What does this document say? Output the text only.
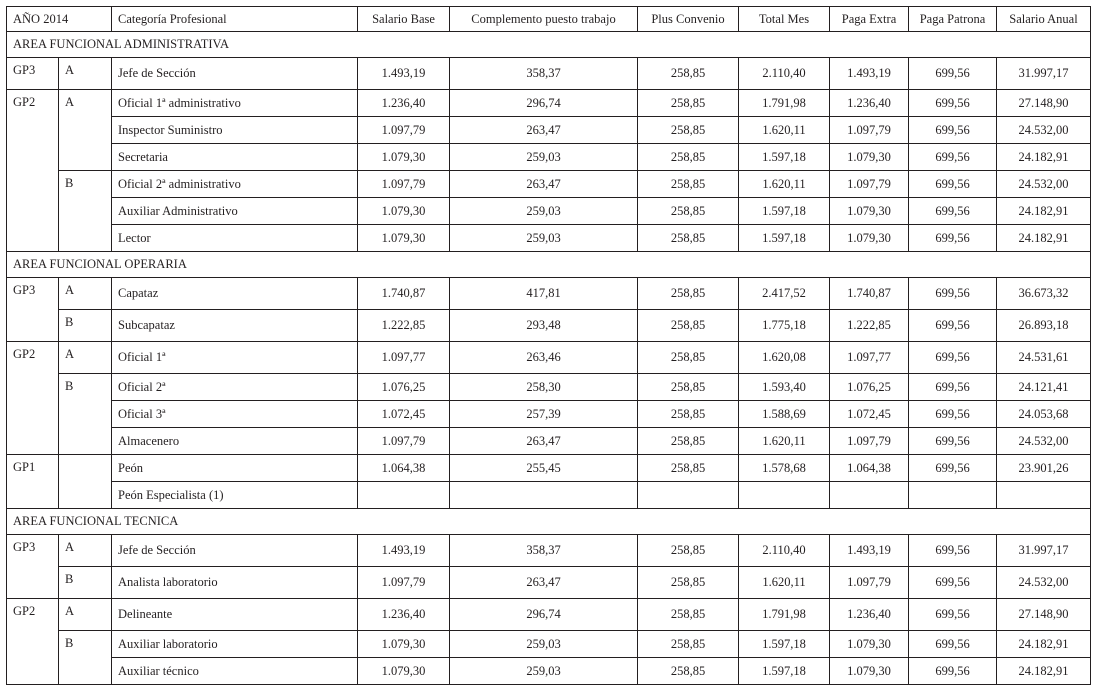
AÑO 2014		Categoría Profesional	Salario Base	Complemento puesto trabajo	Plus Convenio	Total Mes	Paga Extra	Paga Patrona	Salario Anual
AREA FUNCIONAL ADMINISTRATIVA									
GP3	A	Jefe de Sección	1.493,19	358,37	258,85	2.110,40	1.493,19	699,56	31.997,17
GP2	A	Oficial 1ª administrativo	1.236,40	296,74	258,85	1.791,98	1.236,40	699,56	27.148,90
		Inspector Suministro	1.097,79	263,47	258,85	1.620,11	1.097,79	699,56	24.532,00
		Secretaria	1.079,30	259,03	258,85	1.597,18	1.079,30	699,56	24.182,91
	B	Oficial 2ª administrativo	1.097,79	263,47	258,85	1.620,11	1.097,79	699,56	24.532,00
		Auxiliar Administrativo	1.079,30	259,03	258,85	1.597,18	1.079,30	699,56	24.182,91
		Lector	1.079,30	259,03	258,85	1.597,18	1.079,30	699,56	24.182,91
AREA FUNCIONAL OPERARIA									
GP3	A	Capataz	1.740,87	417,81	258,85	2.417,52	1.740,87	699,56	36.673,32
	B	Subcapataz	1.222,85	293,48	258,85	1.775,18	1.222,85	699,56	26.893,18
GP2	A	Oficial 1ª	1.097,77	263,46	258,85	1.620,08	1.097,77	699,56	24.531,61
	B	Oficial 2ª	1.076,25	258,30	258,85	1.593,40	1.076,25	699,56	24.121,41
		Oficial 3ª	1.072,45	257,39	258,85	1.588,69	1.072,45	699,56	24.053,68
		Almacenero	1.097,79	263,47	258,85	1.620,11	1.097,79	699,56	24.532,00
GP1		Peón	1.064,38	255,45	258,85	1.578,68	1.064,38	699,56	23.901,26
		Peón Especialista (1)							
AREA FUNCIONAL TECNICA									
GP3	A	Jefe de Sección	1.493,19	358,37	258,85	2.110,40	1.493,19	699,56	31.997,17
	B	Analista laboratorio	1.097,79	263,47	258,85	1.620,11	1.097,79	699,56	24.532,00
GP2	A	Delineante	1.236,40	296,74	258,85	1.791,98	1.236,40	699,56	27.148,90
	B	Auxiliar laboratorio	1.079,30	259,03	258,85	1.597,18	1.079,30	699,56	24.182,91
		Auxiliar técnico	1.079,30	259,03	258,85	1.597,18	1.079,30	699,56	24.182,91
